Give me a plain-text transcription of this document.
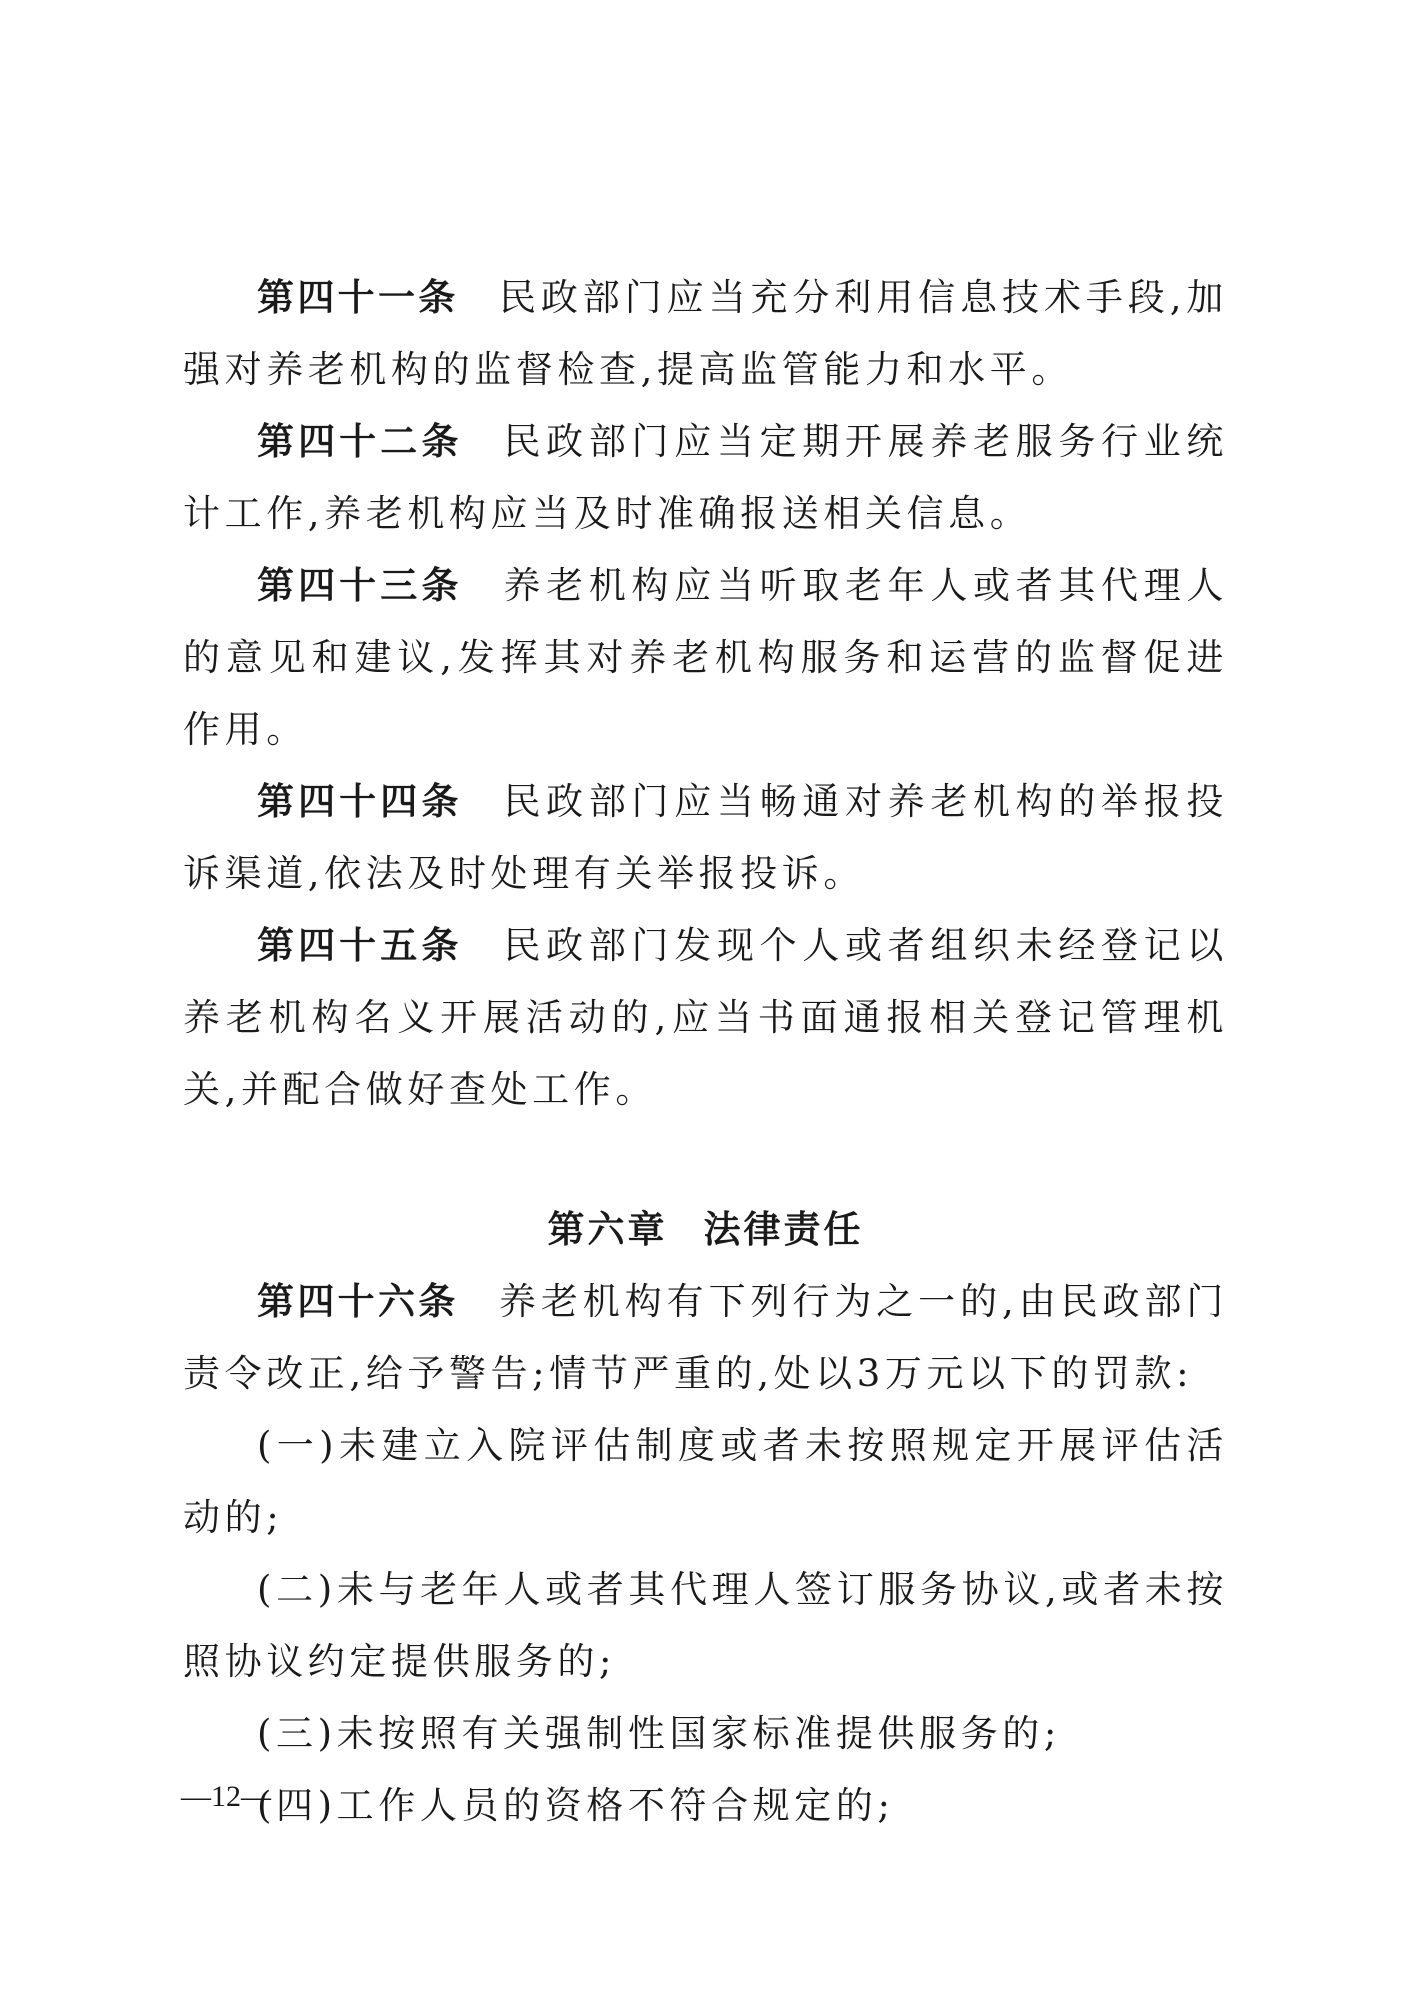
第四十一条 民政部门应当充分利用信息技术手段,加强对养老机构的监督检查,提高监管能力和水平。

第四十二条 民政部门应当定期开展养老服务行业统计工作,养老机构应当及时准确报送相关信息。

第四十三条 养老机构应当听取老年人或者其代理人的意见和建议,发挥其对养老机构服务和运营的监督促进作用。

第四十四条 民政部门应当畅通对养老机构的举报投诉渠道,依法及时处理有关举报投诉。

第四十五条 民政部门发现个人或者组织未经登记以养老机构名义开展活动的,应当书面通报相关登记管理机关,并配合做好查处工作。

第六章 法律责任

第四十六条 养老机构有下列行为之一的,由民政部门责令改正,给予警告;情节严重的,处以3万元以下的罚款:

(一)未建立入院评估制度或者未按照规定开展评估活动的;

(二)未与老年人或者其代理人签订服务协议,或者未按照协议约定提供服务的;

(三)未按照有关强制性国家标准提供服务的;

(四)工作人员的资格不符合规定的;

—12—
